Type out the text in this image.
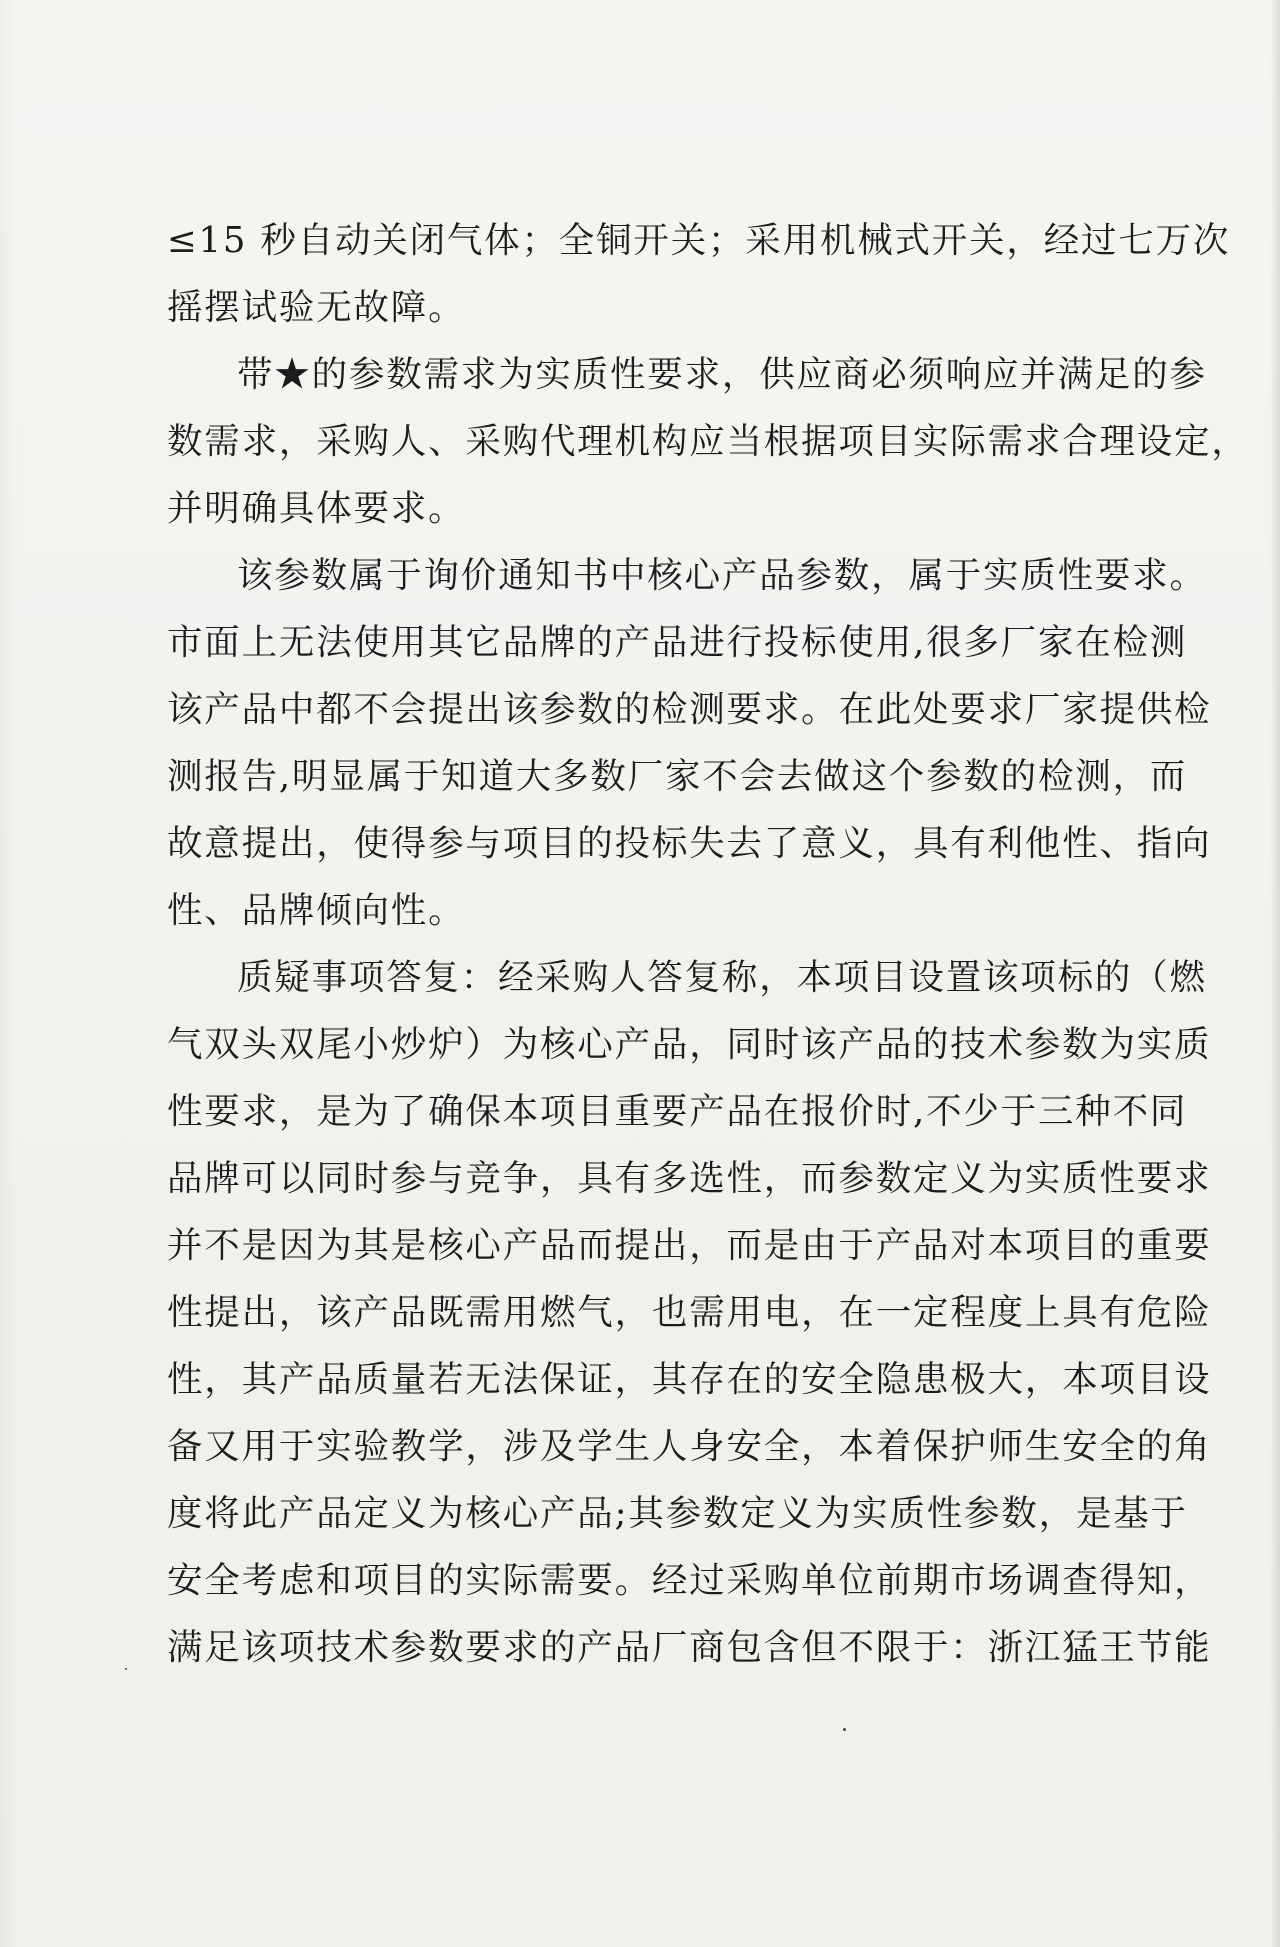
≤15 秒自动关闭气体；全铜开关；采用机械式开关，经过七万次
摇摆试验无故障。
带★的参数需求为实质性要求，供应商必须响应并满足的参
数需求，采购人、采购代理机构应当根据项目实际需求合理设定，
并明确具体要求。
该参数属于询价通知书中核心产品参数，属于实质性要求。
市面上无法使用其它品牌的产品进行投标使用,很多厂家在检测
该产品中都不会提出该参数的检测要求。在此处要求厂家提供检
测报告,明显属于知道大多数厂家不会去做这个参数的检测，而
故意提出，使得参与项目的投标失去了意义，具有利他性、指向
性、品牌倾向性。
质疑事项答复：经采购人答复称，本项目设置该项标的（燃
气双头双尾小炒炉）为核心产品，同时该产品的技术参数为实质
性要求，是为了确保本项目重要产品在报价时,不少于三种不同
品牌可以同时参与竞争，具有多选性，而参数定义为实质性要求
并不是因为其是核心产品而提出，而是由于产品对本项目的重要
性提出，该产品既需用燃气，也需用电，在一定程度上具有危险
性，其产品质量若无法保证，其存在的安全隐患极大，本项目设
备又用于实验教学，涉及学生人身安全，本着保护师生安全的角
度将此产品定义为核心产品;其参数定义为实质性参数，是基于
安全考虑和项目的实际需要。经过采购单位前期市场调查得知，
满足该项技术参数要求的产品厂商包含但不限于：浙江猛王节能
